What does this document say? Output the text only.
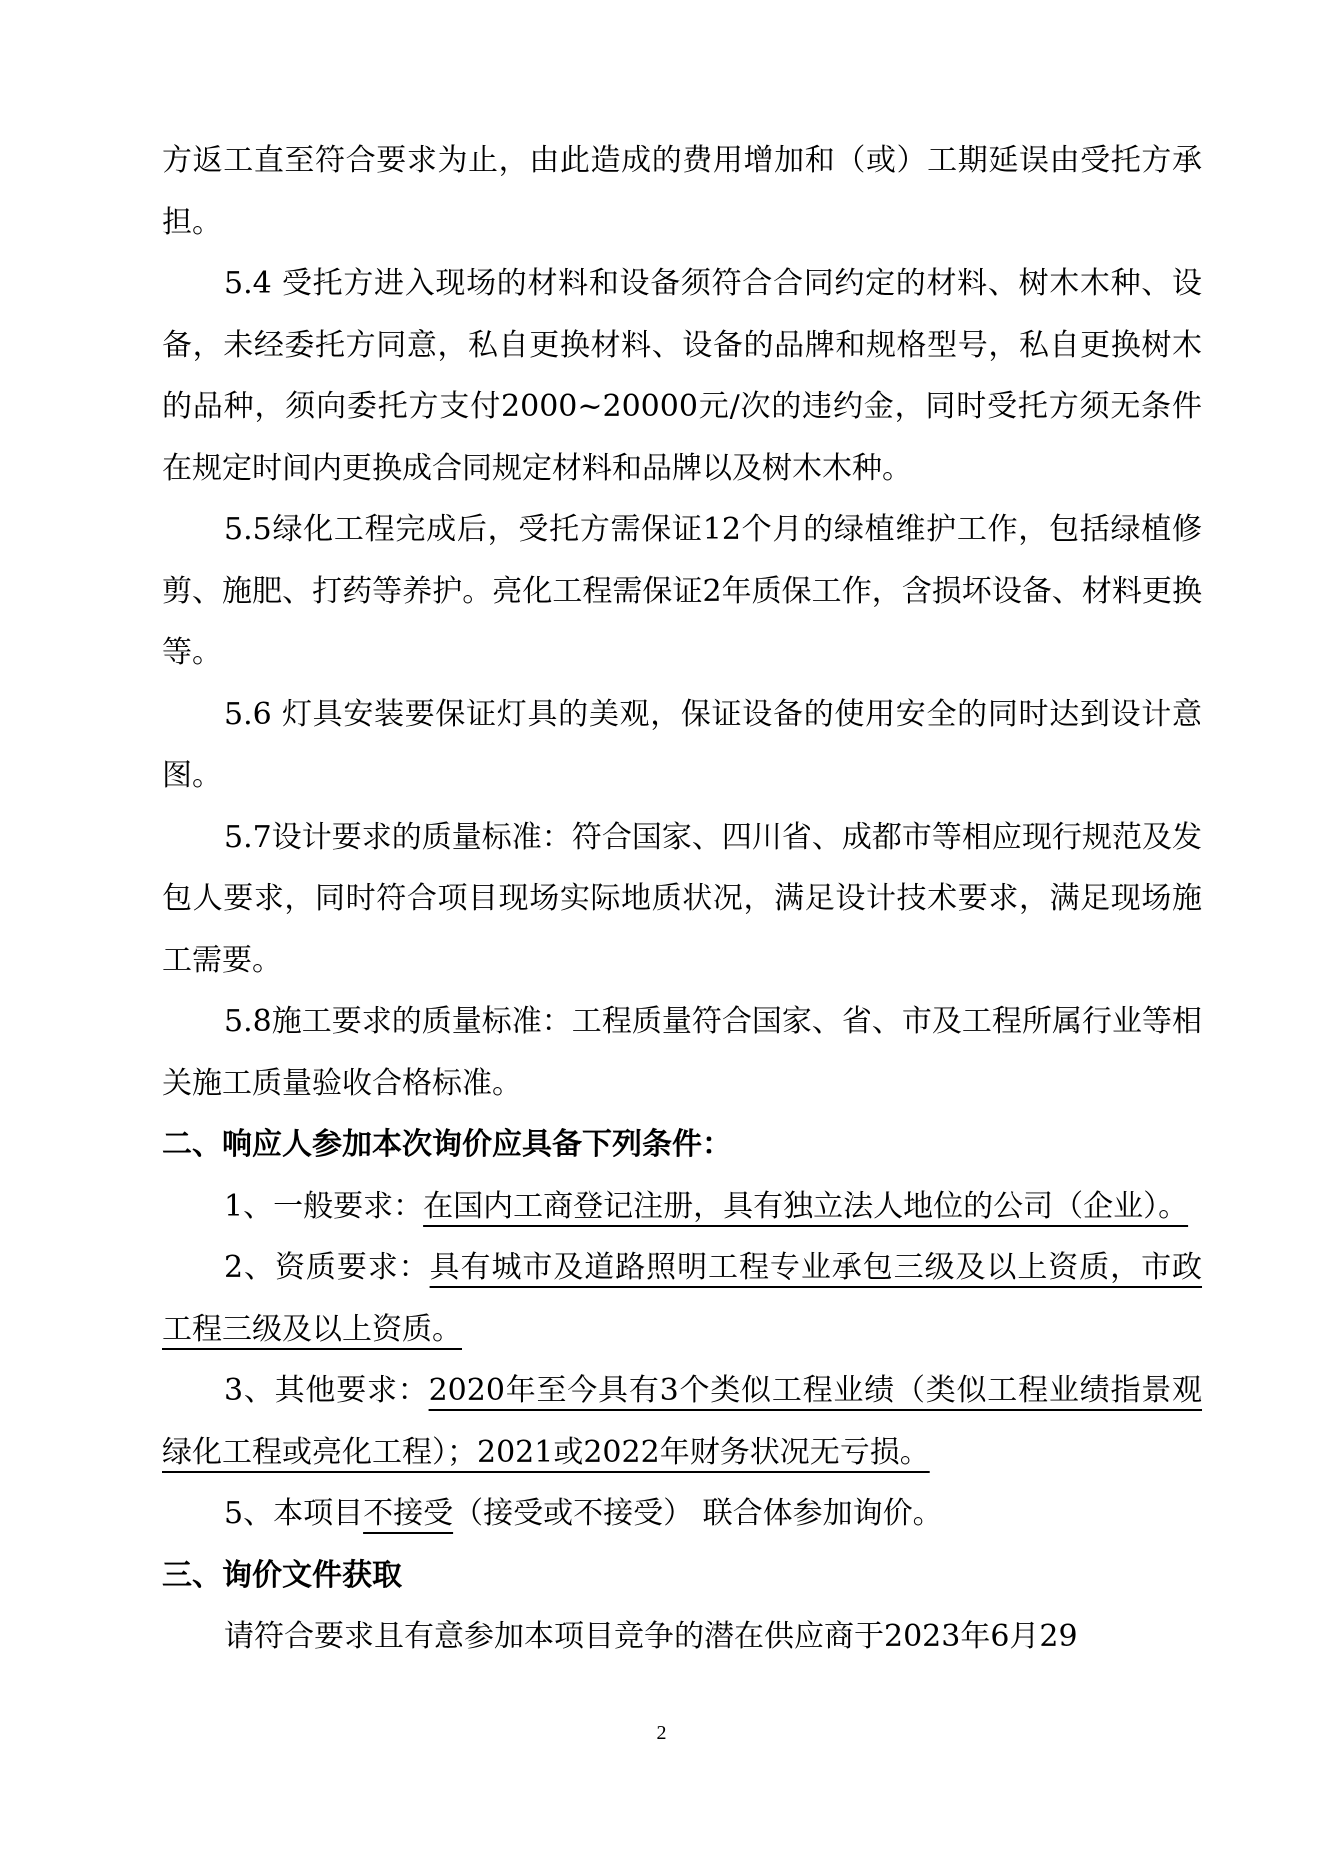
方返工直至符合要求为止，由此造成的费用增加和（或）工期延误由受托方承担。

5.4 受托方进入现场的材料和设备须符合合同约定的材料、树木木种、设备，未经委托方同意，私自更换材料、设备的品牌和规格型号，私自更换树木的品种，须向委托方支付2000~20000元/次的违约金，同时受托方须无条件在规定时间内更换成合同规定材料和品牌以及树木木种。

5.5绿化工程完成后，受托方需保证12个月的绿植维护工作，包括绿植修剪、施肥、打药等养护。亮化工程需保证2年质保工作，含损坏设备、材料更换等。

5.6 灯具安装要保证灯具的美观，保证设备的使用安全的同时达到设计意图。

5.7设计要求的质量标准：符合国家、四川省、成都市等相应现行规范及发包人要求，同时符合项目现场实际地质状况，满足设计技术要求，满足现场施工需要。

5.8施工要求的质量标准：工程质量符合国家、省、市及工程所属行业等相关施工质量验收合格标准。

二、响应人参加本次询价应具备下列条件：

1、一般要求：在国内工商登记注册，具有独立法人地位的公司（企业）。

2、资质要求：具有城市及道路照明工程专业承包三级及以上资质，市政工程三级及以上资质。

3、其他要求：2020年至今具有3个类似工程业绩（类似工程业绩指景观绿化工程或亮化工程）；2021或2022年财务状况无亏损。

5、本项目不接受（接受或不接受） 联合体参加询价。

三、询价文件获取

请符合要求且有意参加本项目竞争的潜在供应商于2023年6月29

2
